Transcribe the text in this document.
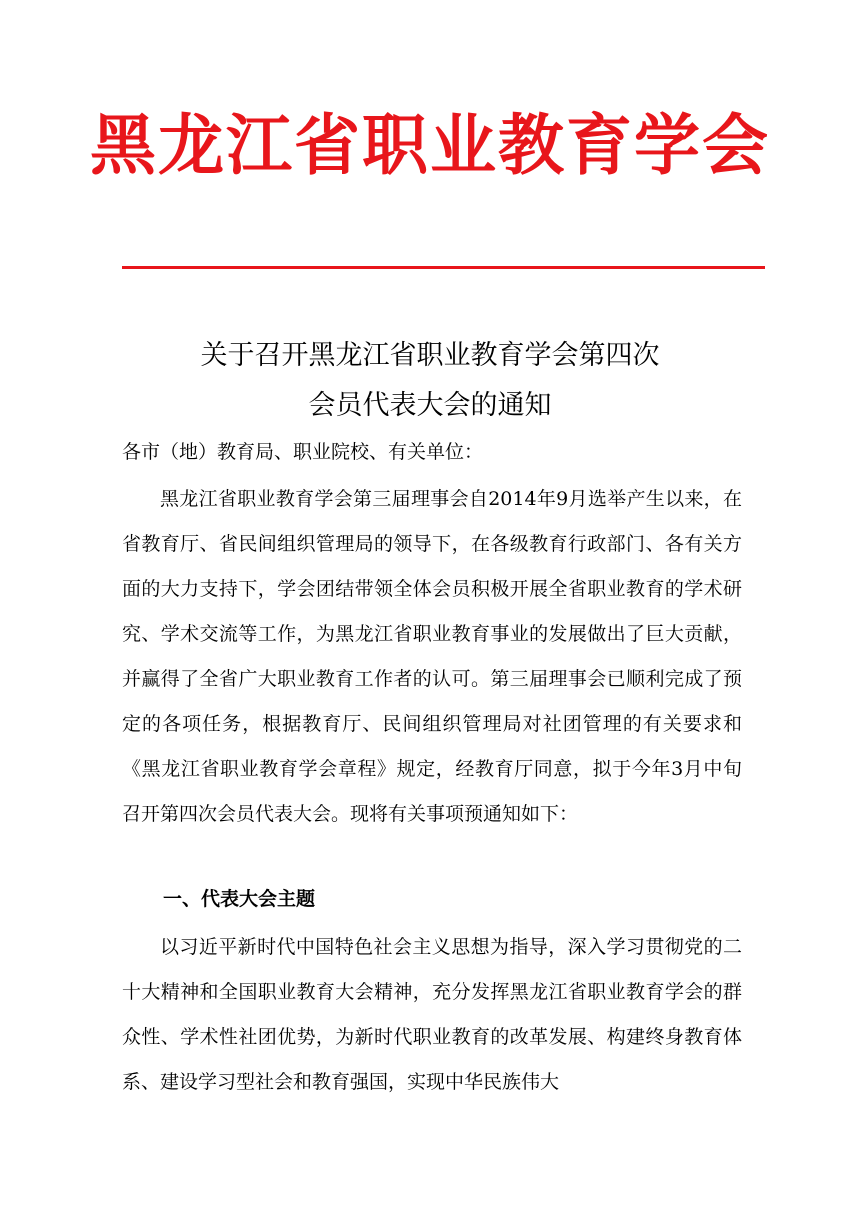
黑龙江省职业教育学会
关于召开黑龙江省职业教育学会第四次
会员代表大会的通知
各市（地）教育局、职业院校、有关单位：
黑龙江省职业教育学会第三届理事会自2014年9月选举产生以来，在省教育厅、省民间组织管理局的领导下，在各级教育行政部门、各有关方面的大力支持下，学会团结带领全体会员积极开展全省职业教育的学术研究、学术交流等工作，为黑龙江省职业教育事业的发展做出了巨大贡献，并赢得了全省广大职业教育工作者的认可。第三届理事会已顺利完成了预定的各项任务，根据教育厅、民间组织管理局对社团管理的有关要求和《黑龙江省职业教育学会章程》规定，经教育厅同意，拟于今年3月中旬召开第四次会员代表大会。现将有关事项预通知如下：
一、代表大会主题
以习近平新时代中国特色社会主义思想为指导，深入学习贯彻党的二十大精神和全国职业教育大会精神，充分发挥黑龙江省职业教育学会的群众性、学术性社团优势，为新时代职业教育的改革发展、构建终身教育体系、建设学习型社会和教育强国，实现中华民族伟大
